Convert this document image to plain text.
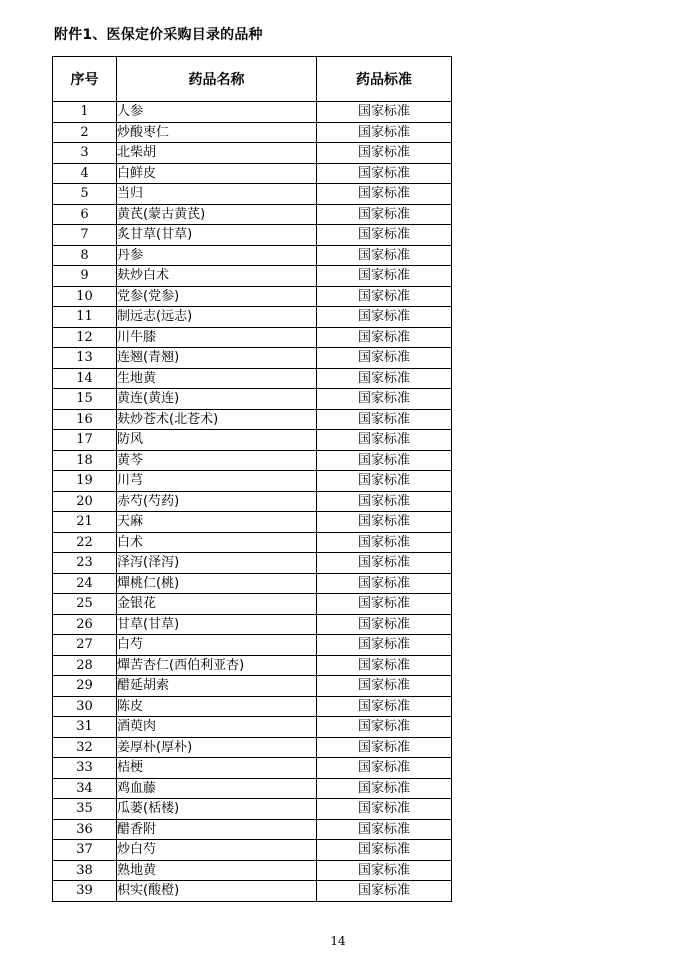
附件1、医保定价采购目录的品种
序号	药品名称	药品标准
1	人参	国家标准
2	炒酸枣仁	国家标准
3	北柴胡	国家标准
4	白鲜皮	国家标准
5	当归	国家标准
6	黄芪(蒙古黄芪)	国家标准
7	炙甘草(甘草)	国家标准
8	丹参	国家标准
9	麸炒白术	国家标准
10	党参(党参)	国家标准
11	制远志(远志)	国家标准
12	川牛膝	国家标准
13	连翘(青翘)	国家标准
14	生地黄	国家标准
15	黄连(黄连)	国家标准
16	麸炒苍术(北苍术)	国家标准
17	防风	国家标准
18	黄芩	国家标准
19	川芎	国家标准
20	赤芍(芍药)	国家标准
21	天麻	国家标准
22	白术	国家标准
23	泽泻(泽泻)	国家标准
24	燀桃仁(桃)	国家标准
25	金银花	国家标准
26	甘草(甘草)	国家标准
27	白芍	国家标准
28	燀苦杏仁(西伯利亚杏)	国家标准
29	醋延胡索	国家标准
30	陈皮	国家标准
31	酒萸肉	国家标准
32	姜厚朴(厚朴)	国家标准
33	桔梗	国家标准
34	鸡血藤	国家标准
35	瓜蒌(栝楼)	国家标准
36	醋香附	国家标准
37	炒白芍	国家标准
38	熟地黄	国家标准
39	枳实(酸橙)	国家标准
14
